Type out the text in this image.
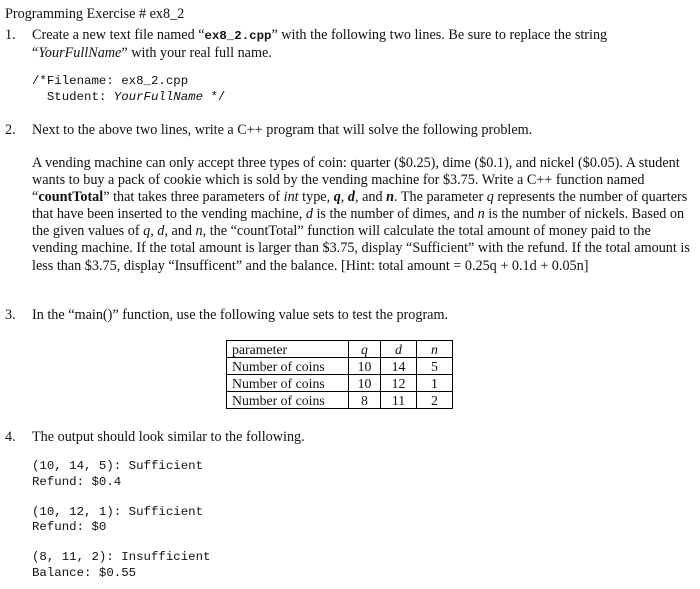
Programming Exercise # ex8_2
1. Create a new text file named “ex8_2.cpp” with the following two lines. Be sure to replace the string
“YourFullName” with your real full name.
/*Filename: ex8_2.cpp
Student: YourFullName */
2. Next to the above two lines, write a C++ program that will solve the following problem.
A vending machine can only accept three types of coin: quarter ($0.25), dime ($0.1), and nickel ($0.05). A student wants to buy a pack of cookie which is sold by the vending machine for $3.75. Write a C++ function named “countTotal” that takes three parameters of int type, q, d, and n. The parameter q represents the number of quarters that have been inserted to the vending machine, d is the number of dimes, and n is the number of nickels. Based on the given values of q, d, and n, the “countTotal” function will calculate the total amount of money paid to the vending machine. If the total amount is larger than $3.75, display “Sufficient” with the refund. If the total amount is less than $3.75, display “Insufficent” and the balance. [Hint: total amount = 0.25q + 0.1d + 0.05n]
3. In the “main()” function, use the following value sets to test the program.
parameter	q	d	n
Number of coins	10	14	5
Number of coins	10	12	1
Number of coins	8	11	2
4. The output should look similar to the following.
(10, 14, 5): Sufficient
Refund: $0.4
(10, 12, 1): Sufficient
Refund: $0
(8, 11, 2): Insufficient
Balance: $0.55
